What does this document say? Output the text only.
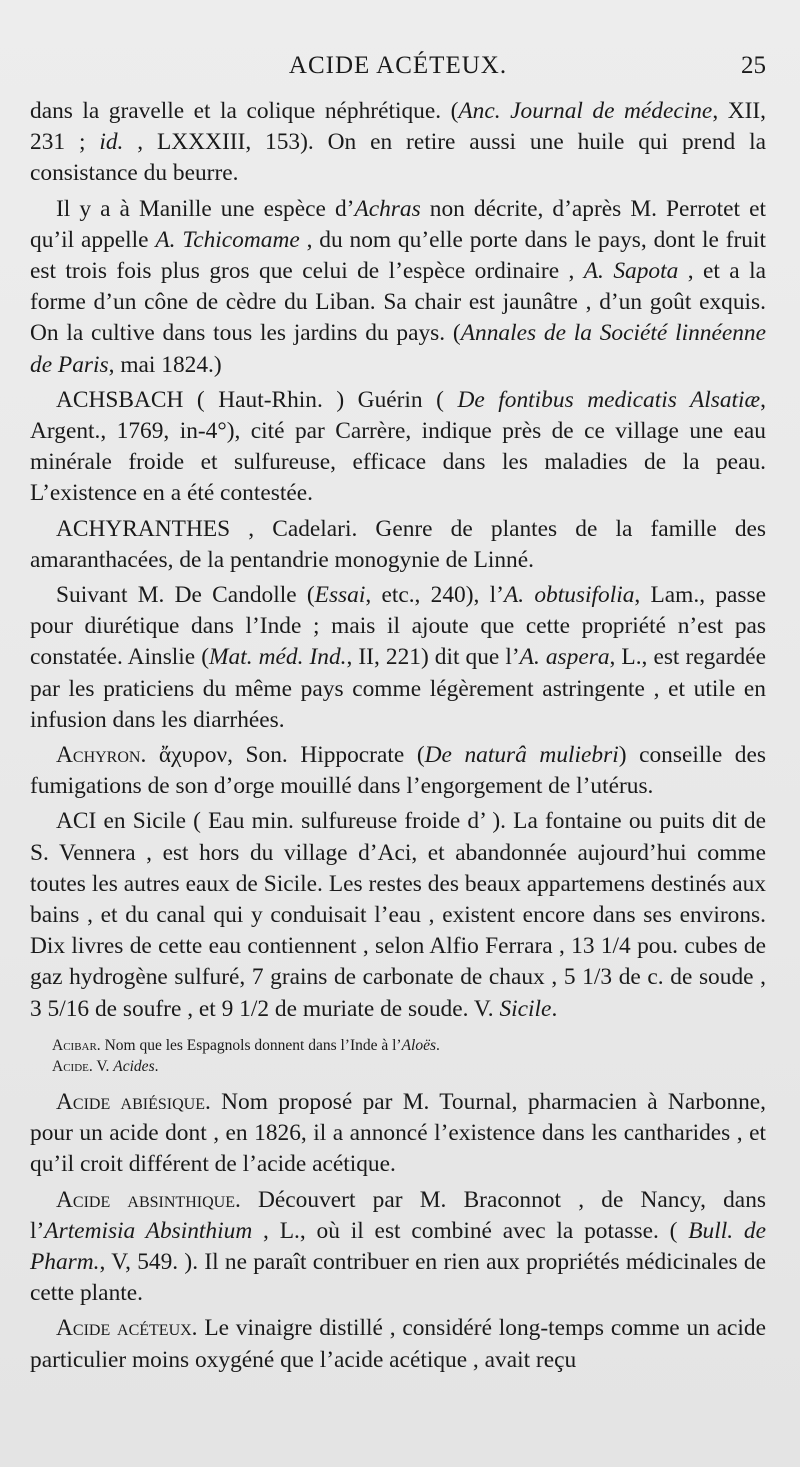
ACIDE ACÉTEUX.	25

dans la gravelle et la colique néphrétique. (Anc. Journal de médecine, XII, 231 ; id. , LXXXIII, 153). On en retire aussi une huile qui prend la consistance du beurre.

Il y a à Manille une espèce d’Achras non décrite, d’après M. Perrotet et qu’il appelle A. Tchicomame , du nom qu’elle porte dans le pays, dont le fruit est trois fois plus gros que celui de l’espèce ordinaire , A. Sapota , et a la forme d’un cône de cèdre du Liban. Sa chair est jaunâtre , d’un goût exquis. On la cultive dans tous les jardins du pays. (Annales de la Société linnéenne de Paris, mai 1824.)

ACHSBACH ( Haut-Rhin. ) Guérin ( De fontibus medicatis Alsatiæ, Argent., 1769, in-4°), cité par Carrère, indique près de ce village une eau minérale froide et sulfureuse, efficace dans les maladies de la peau. L’existence en a été contestée.

ACHYRANTHES , Cadelari. Genre de plantes de la famille des amaranthacées, de la pentandrie monogynie de Linné.

Suivant M. De Candolle (Essai, etc., 240), l’A. obtusifolia, Lam., passe pour diurétique dans l’Inde ; mais il ajoute que cette propriété n’est pas constatée. Ainslie (Mat. méd. Ind., II, 221) dit que l’A. aspera, L., est regardée par les praticiens du même pays comme légèrement astringente , et utile en infusion dans les diarrhées.

Achyron. ἄχυρον, Son. Hippocrate (De naturâ muliebri) conseille des fumigations de son d’orge mouillé dans l’engorgement de l’utérus.

ACI en Sicile ( Eau min. sulfureuse froide d’ ). La fontaine ou puits dit de S. Vennera , est hors du village d’Aci, et abandonnée aujourd’hui comme toutes les autres eaux de Sicile. Les restes des beaux appartemens destinés aux bains , et du canal qui y conduisait l’eau , existent encore dans ses environs. Dix livres de cette eau contiennent , selon Alfio Ferrara , 13 1/4 pou. cubes de gaz hydrogène sulfuré, 7 grains de carbonate de chaux , 5 1/3 de c. de soude , 3 5/16 de soufre , et 9 1/2 de muriate de soude. V. Sicile.

Acibar. Nom que les Espagnols donnent dans l’Inde à l’Aloës.

Acide. V. Acides.

Acide abiésique. Nom proposé par M. Tournal, pharmacien à Narbonne, pour un acide dont , en 1826, il a annoncé l’existence dans les cantharides , et qu’il croit différent de l’acide acétique.

Acide absinthique. Découvert par M. Braconnot , de Nancy, dans l’Artemisia Absinthium , L., où il est combiné avec la potasse. ( Bull. de Pharm., V, 549. ). Il ne paraît contribuer en rien aux propriétés médicinales de cette plante.

Acide acéteux. Le vinaigre distillé , considéré long-temps comme un acide particulier moins oxygéné que l’acide acétique , avait reçu
